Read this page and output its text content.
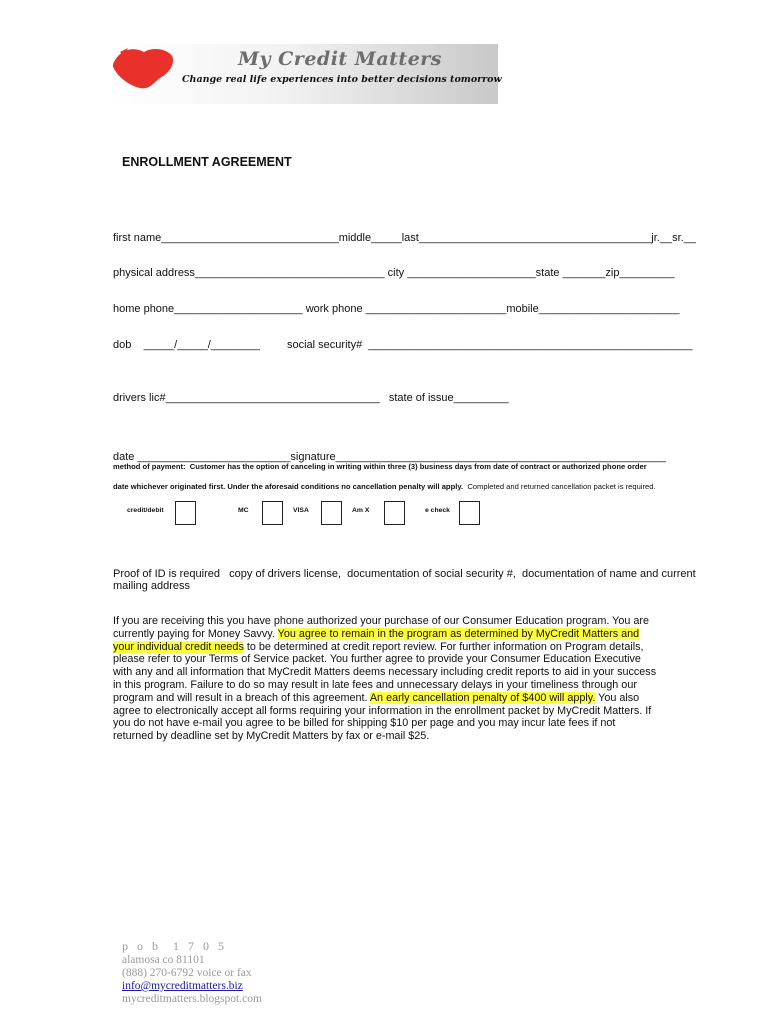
My Credit Matters
Change real life experiences into better decisions tomorrow
ENROLLMENT AGREEMENT
first name_____________________________middle_____last______________________________________jr.__sr.__
physical address_______________________________ city _____________________state _______zip_________
home phone_____________________ work phone _______________________mobile_______________________
dob    _____/_____/________ social security#  _____________________________________________________
drivers lic#___________________________________   state of issue_________
date _________________________signature______________________________________________________
method of payment:  Customer has the option of canceling in writing within three (3) business days from date of contract or authorized phone order
date whichever originated first. Under the aforesaid conditions no cancellation penalty will apply.  Completed and returned cancellation packet is required.
credit/debit	MC	VISA	Am X	e check
Proof of ID is required   copy of drivers license,  documentation of social security #,  documentation of name and current
mailing address
If you are receiving this you have phone authorized your purchase of our Consumer Education program. You are currently paying for Money Savvy. You agree to remain in the program as determined by MyCredit Matters and your individual credit needs to be determined at credit report review. For further information on Program details, please refer to your Terms of Service packet. You further agree to provide your Consumer Education Executive with any and all information that MyCredit Matters deems necessary including credit reports to aid in your success in this program. Failure to do so may result in late fees and unnecessary delays in your timeliness through our program and will result in a breach of this agreement. An early cancellation penalty of $400 will apply. You also agree to electronically accept all forms requiring your information in the enrollment packet by MyCredit Matters. If you do not have e-mail you agree to be billed for shipping $10 per page and you may incur late fees if not returned by deadline set by MyCredit Matters by fax or e-mail $25.
p o b  1 7 0 5
alamosa co 81101
(888) 270-6792 voice or fax
info@mycreditmatters.biz
mycreditmatters.blogspot.com
